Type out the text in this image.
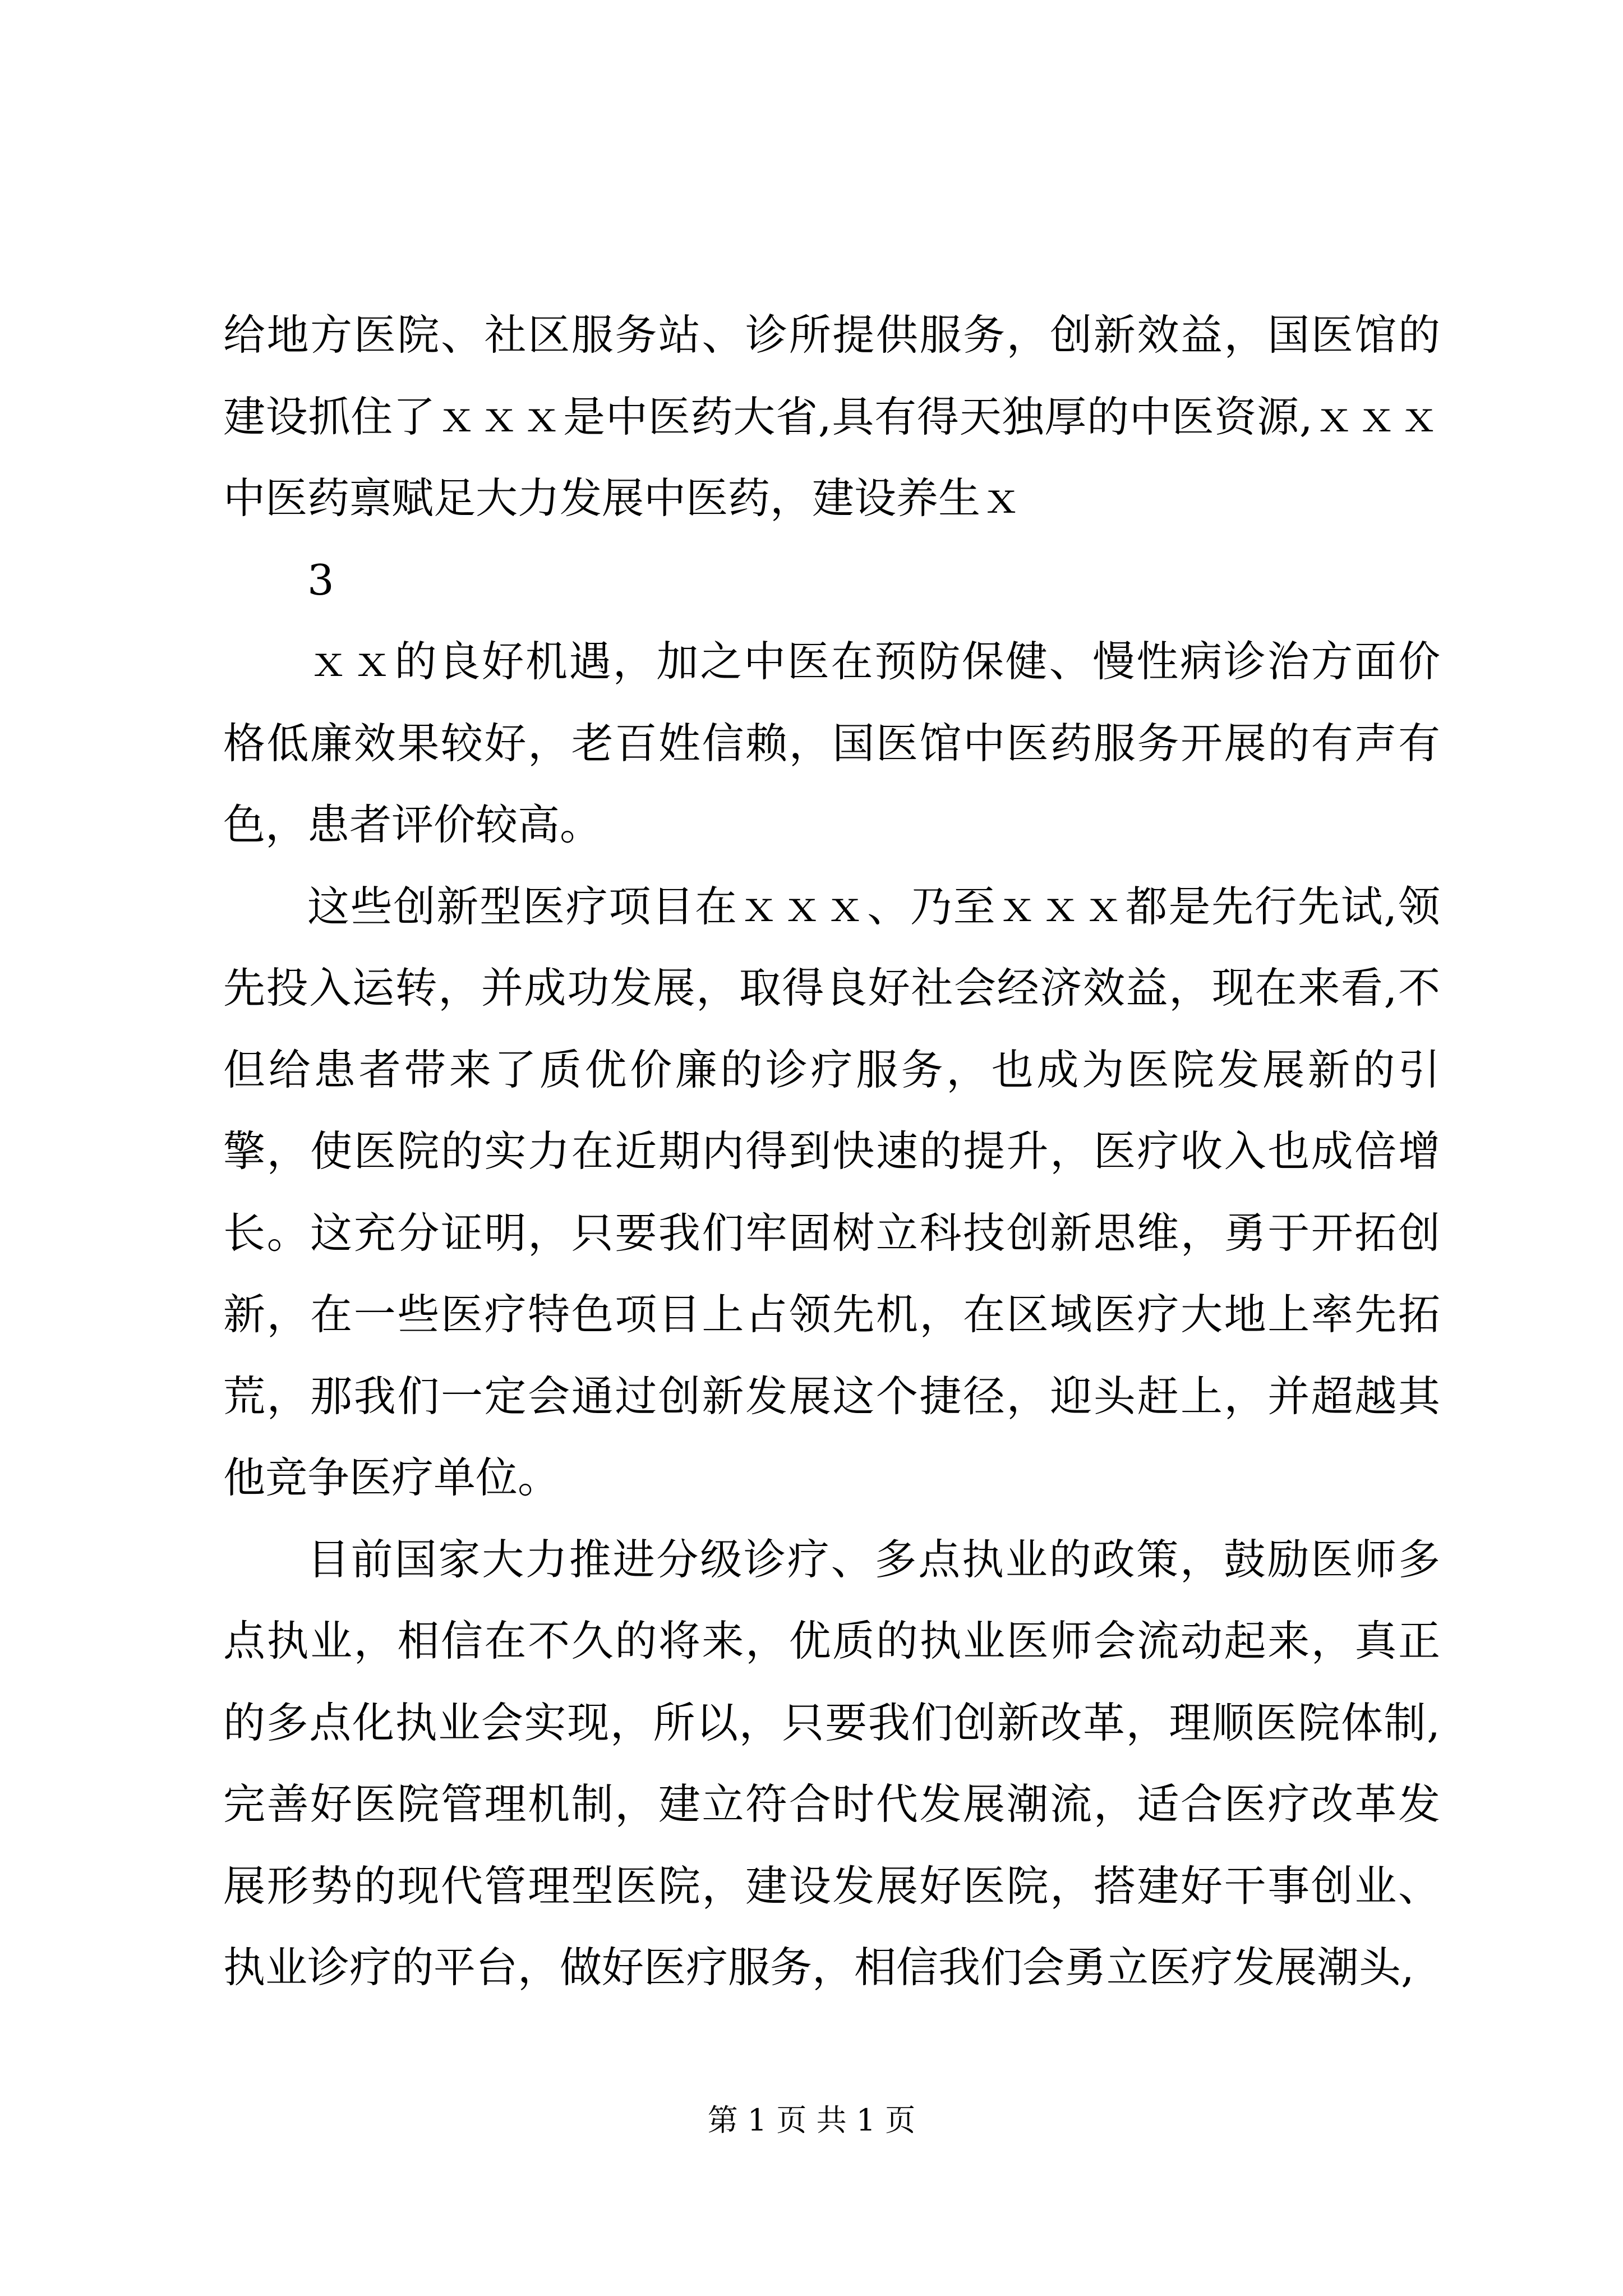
给地方医院、社区服务站、诊所提供服务，创新效益，国医馆的建设抓住了ｘｘｘ是中医药大省,具有得天独厚的中医资源,ｘｘｘ中医药禀赋足大力发展中医药，建设养生ｘ

3

ｘｘ的良好机遇，加之中医在预防保健、慢性病诊治方面价格低廉效果较好，老百姓信赖，国医馆中医药服务开展的有声有色，患者评价较高。

这些创新型医疗项目在ｘｘｘ、乃至ｘｘｘ都是先行先试,领先投入运转，并成功发展，取得良好社会经济效益，现在来看,不但给患者带来了质优价廉的诊疗服务，也成为医院发展新的引擎，使医院的实力在近期内得到快速的提升，医疗收入也成倍增长。这充分证明，只要我们牢固树立科技创新思维，勇于开拓创新，在一些医疗特色项目上占领先机，在区域医疗大地上率先拓荒，那我们一定会通过创新发展这个捷径，迎头赶上，并超越其他竞争医疗单位。

目前国家大力推进分级诊疗、多点执业的政策，鼓励医师多点执业，相信在不久的将来，优质的执业医师会流动起来，真正的多点化执业会实现，所以，只要我们创新改革，理顺医院体制,完善好医院管理机制，建立符合时代发展潮流，适合医疗改革发展形势的现代管理型医院，建设发展好医院，搭建好干事创业、执业诊疗的平台，做好医疗服务，相信我们会勇立医疗发展潮头,

第 1 页 共 1 页
